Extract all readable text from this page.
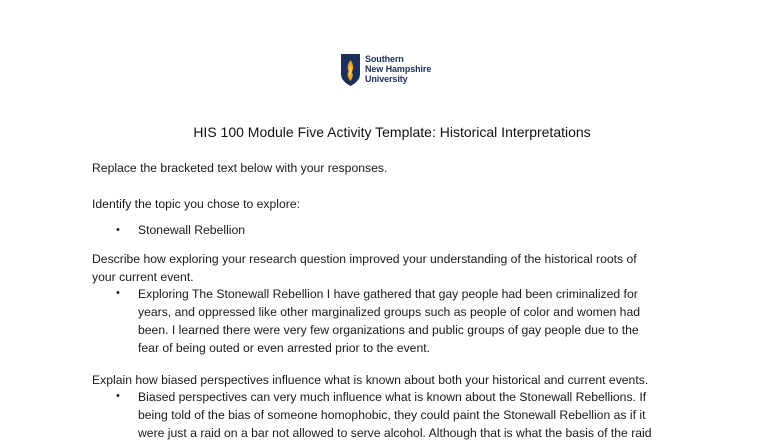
Southern
New Hampshire
University
HIS 100 Module Five Activity Template: Historical Interpretations
Replace the bracketed text below with your responses.
Identify the topic you chose to explore:
• Stonewall Rebellion
Describe how exploring your research question improved your understanding of the historical roots of
your current event.
• Exploring The Stonewall Rebellion I have gathered that gay people had been criminalized for
years, and oppressed like other marginalized groups such as people of color and women had
been. I learned there were very few organizations and public groups of gay people due to the
fear of being outed or even arrested prior to the event.
Explain how biased perspectives influence what is known about both your historical and current events.
• Biased perspectives can very much influence what is known about the Stonewall Rebellions. If
being told of the bias of someone homophobic, they could paint the Stonewall Rebellion as if it
were just a raid on a bar not allowed to serve alcohol. Although that is what the basis of the raid
